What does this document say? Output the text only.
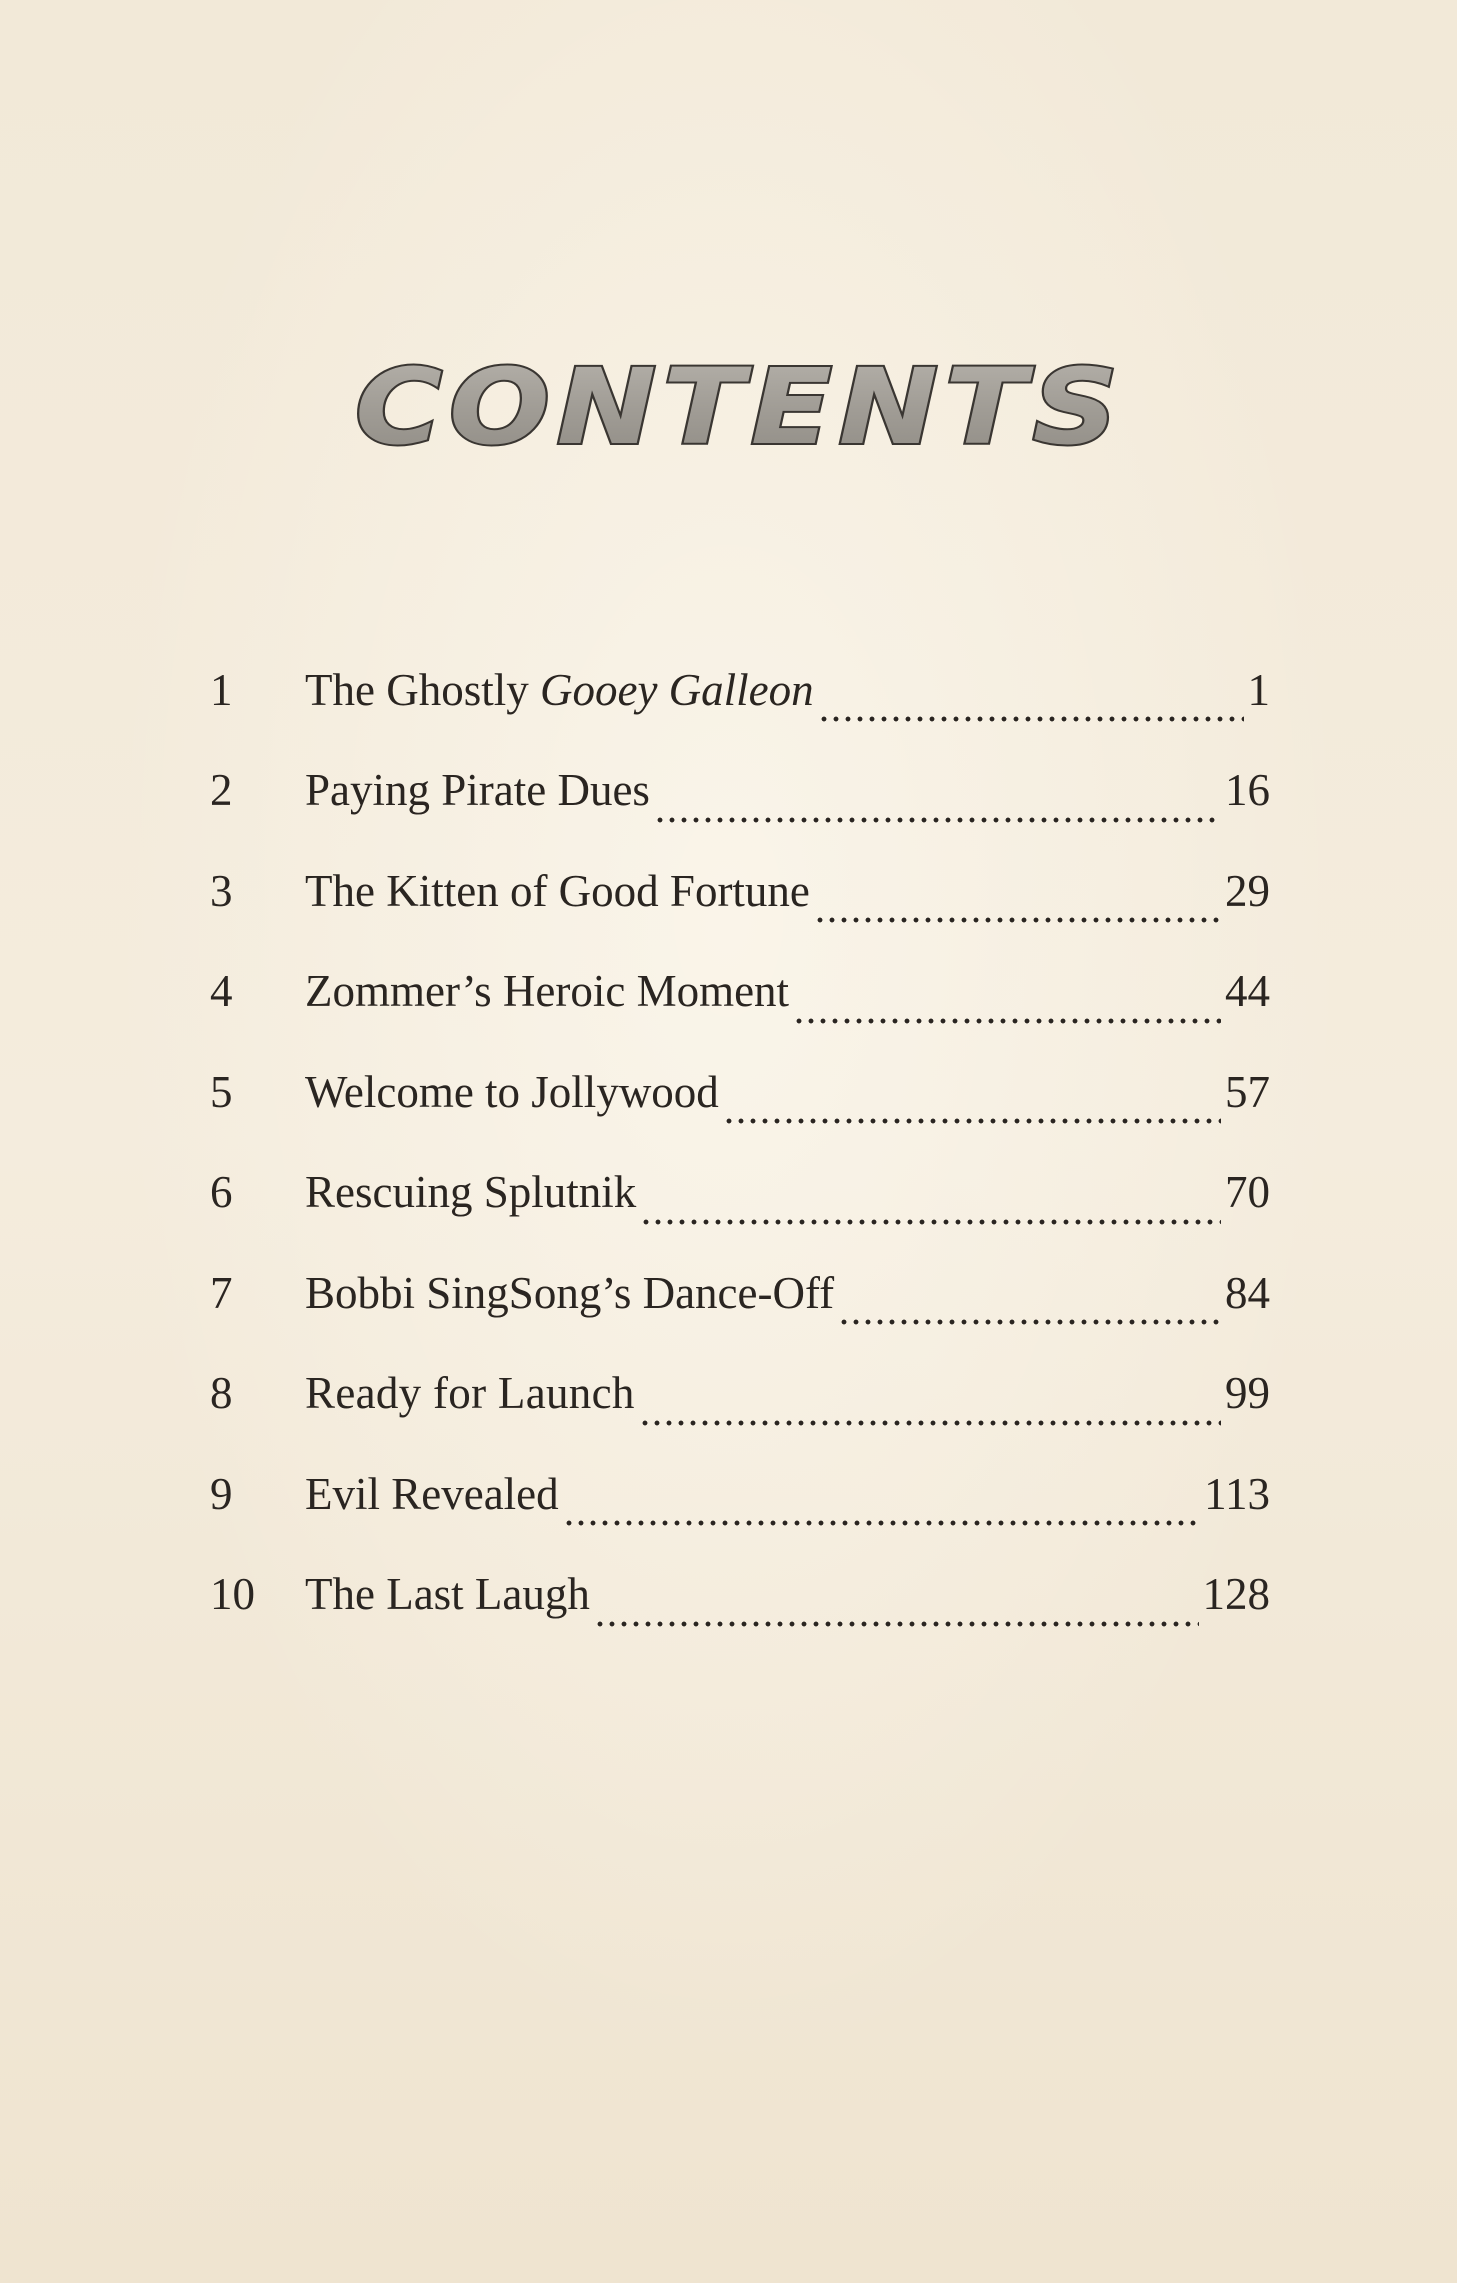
CONTENTS
1	The Ghostly Gooey Galleon	1
2	Paying Pirate Dues	16
3	The Kitten of Good Fortune	29
4	Zommer’s Heroic Moment	44
5	Welcome to Jollywood	57
6	Rescuing Splutnik	70
7	Bobbi SingSong’s Dance-Off	84
8	Ready for Launch	99
9	Evil Revealed	113
10	The Last Laugh	128
